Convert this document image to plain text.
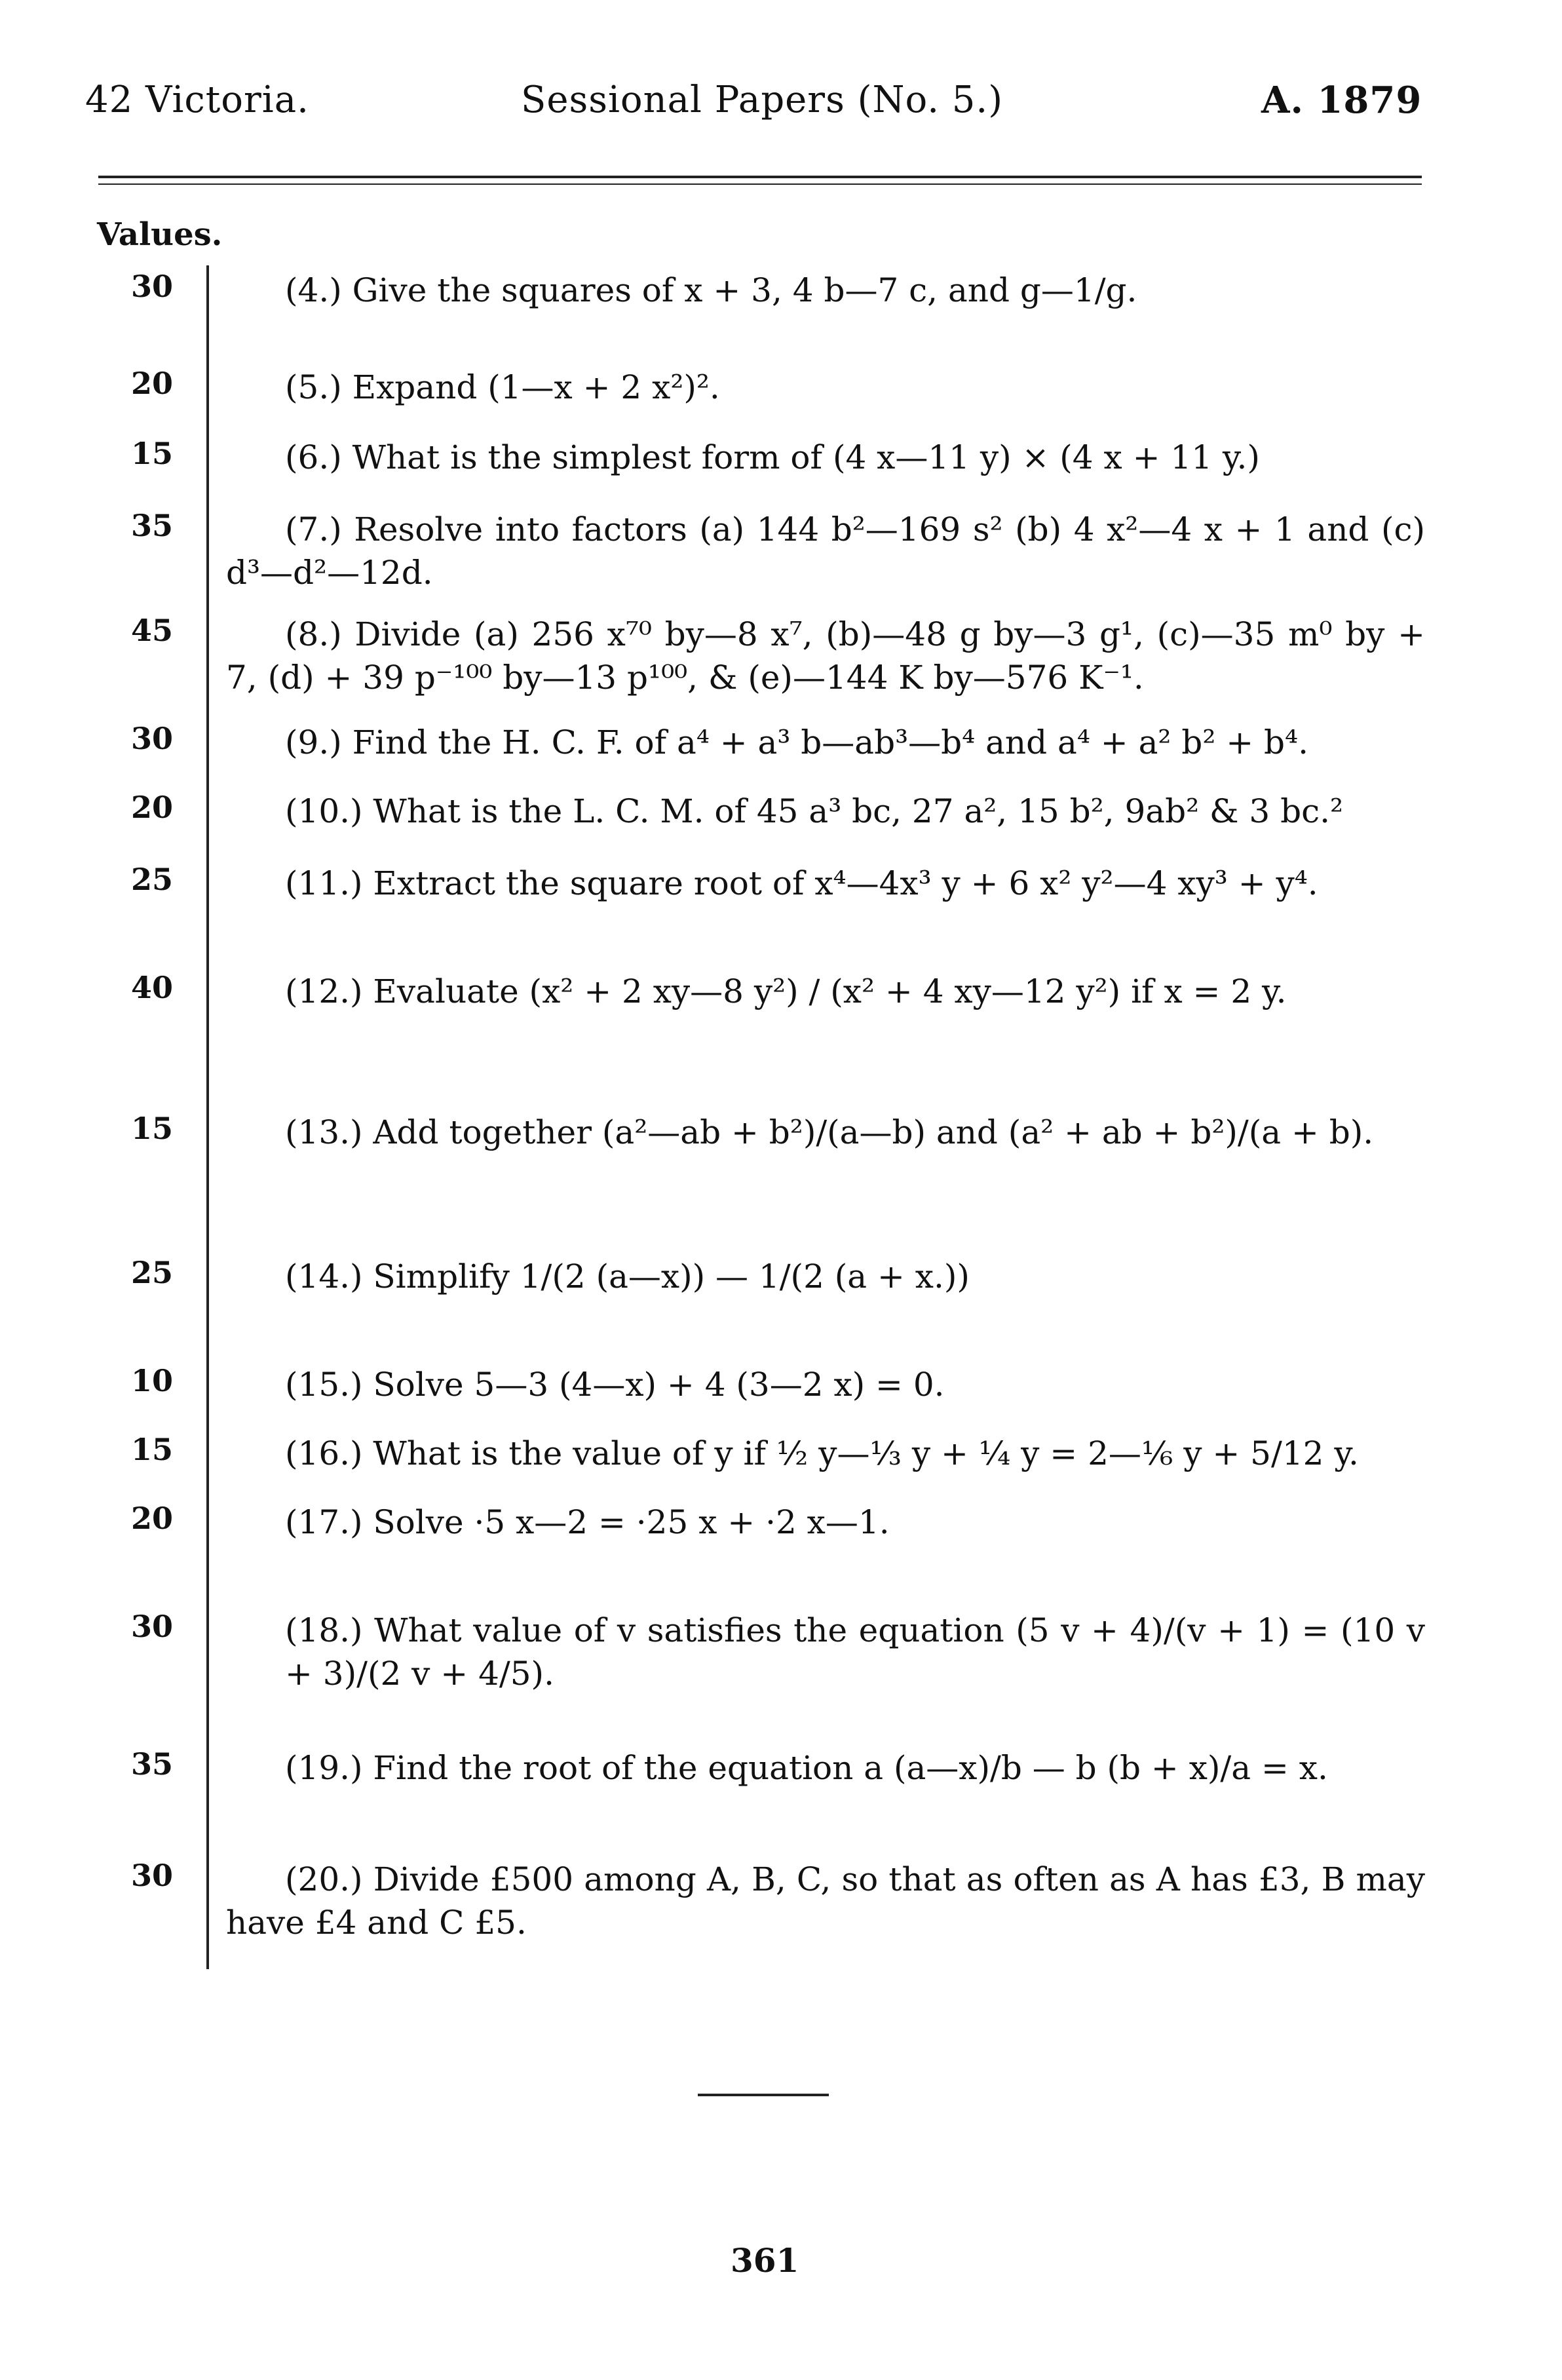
42 Victoria.	Sessional Papers (No. 5.)	A. 1879
Values.
30	(4.) Give the squares of x + 3, 4 b—7 c, and g—1/g.
20	(5.) Expand (1—x + 2 x²)².
15	(6.) What is the simplest form of (4 x—11 y) × (4 x + 11 y.)
35	(7.) Resolve into factors (a) 144 b²—169 s² (b) 4 x²—4 x + 1 and (c) d³—d²—12d.
45	(8.) Divide (a) 256 x⁷⁰ by—8 x⁷, (b)—48 g by—3 g¹, (c)—35 m⁰ by + 7, (d) + 39 p⁻¹⁰⁰ by—13 p¹⁰⁰, & (e)—144 K by—576 K⁻¹.
30	(9.) Find the H. C. F. of a⁴ + a³ b—ab³—b⁴ and a⁴ + a² b² + b⁴.
20	(10.) What is the L. C. M. of 45 a³ bc, 27 a², 15 b², 9ab² & 3 bc.²
25	(11.) Extract the square root of x⁴—4x³ y + 6 x² y²—4 xy³ + y⁴.
40	(12.) Evaluate (x² + 2 xy—8 y²) / (x² + 4 xy—12 y²) if x = 2 y.
15	(13.) Add together (a²—ab + b²)/(a—b) and (a² + ab + b²)/(a + b).
25	(14.) Simplify 1/(2 (a—x)) — 1/(2 (a + x.))
10	(15.) Solve 5—3 (4—x) + 4 (3—2 x) = 0.
15	(16.) What is the value of y if ½ y—⅓ y + ¼ y = 2—⅙ y + 5/12 y.
20	(17.) Solve ·5 x—2 = ·25 x + ·2 x—1.
30	(18.) What value of v satisfies the equation (5 v + 4)/(v + 1) = (10 v + 3)/(2 v + 4/5).
35	(19.) Find the root of the equation a (a—x)/b — b (b + x)/a = x.
30	(20.) Divide £500 among A, B, C, so that as often as A has £3, B may have £4 and C £5.
361
